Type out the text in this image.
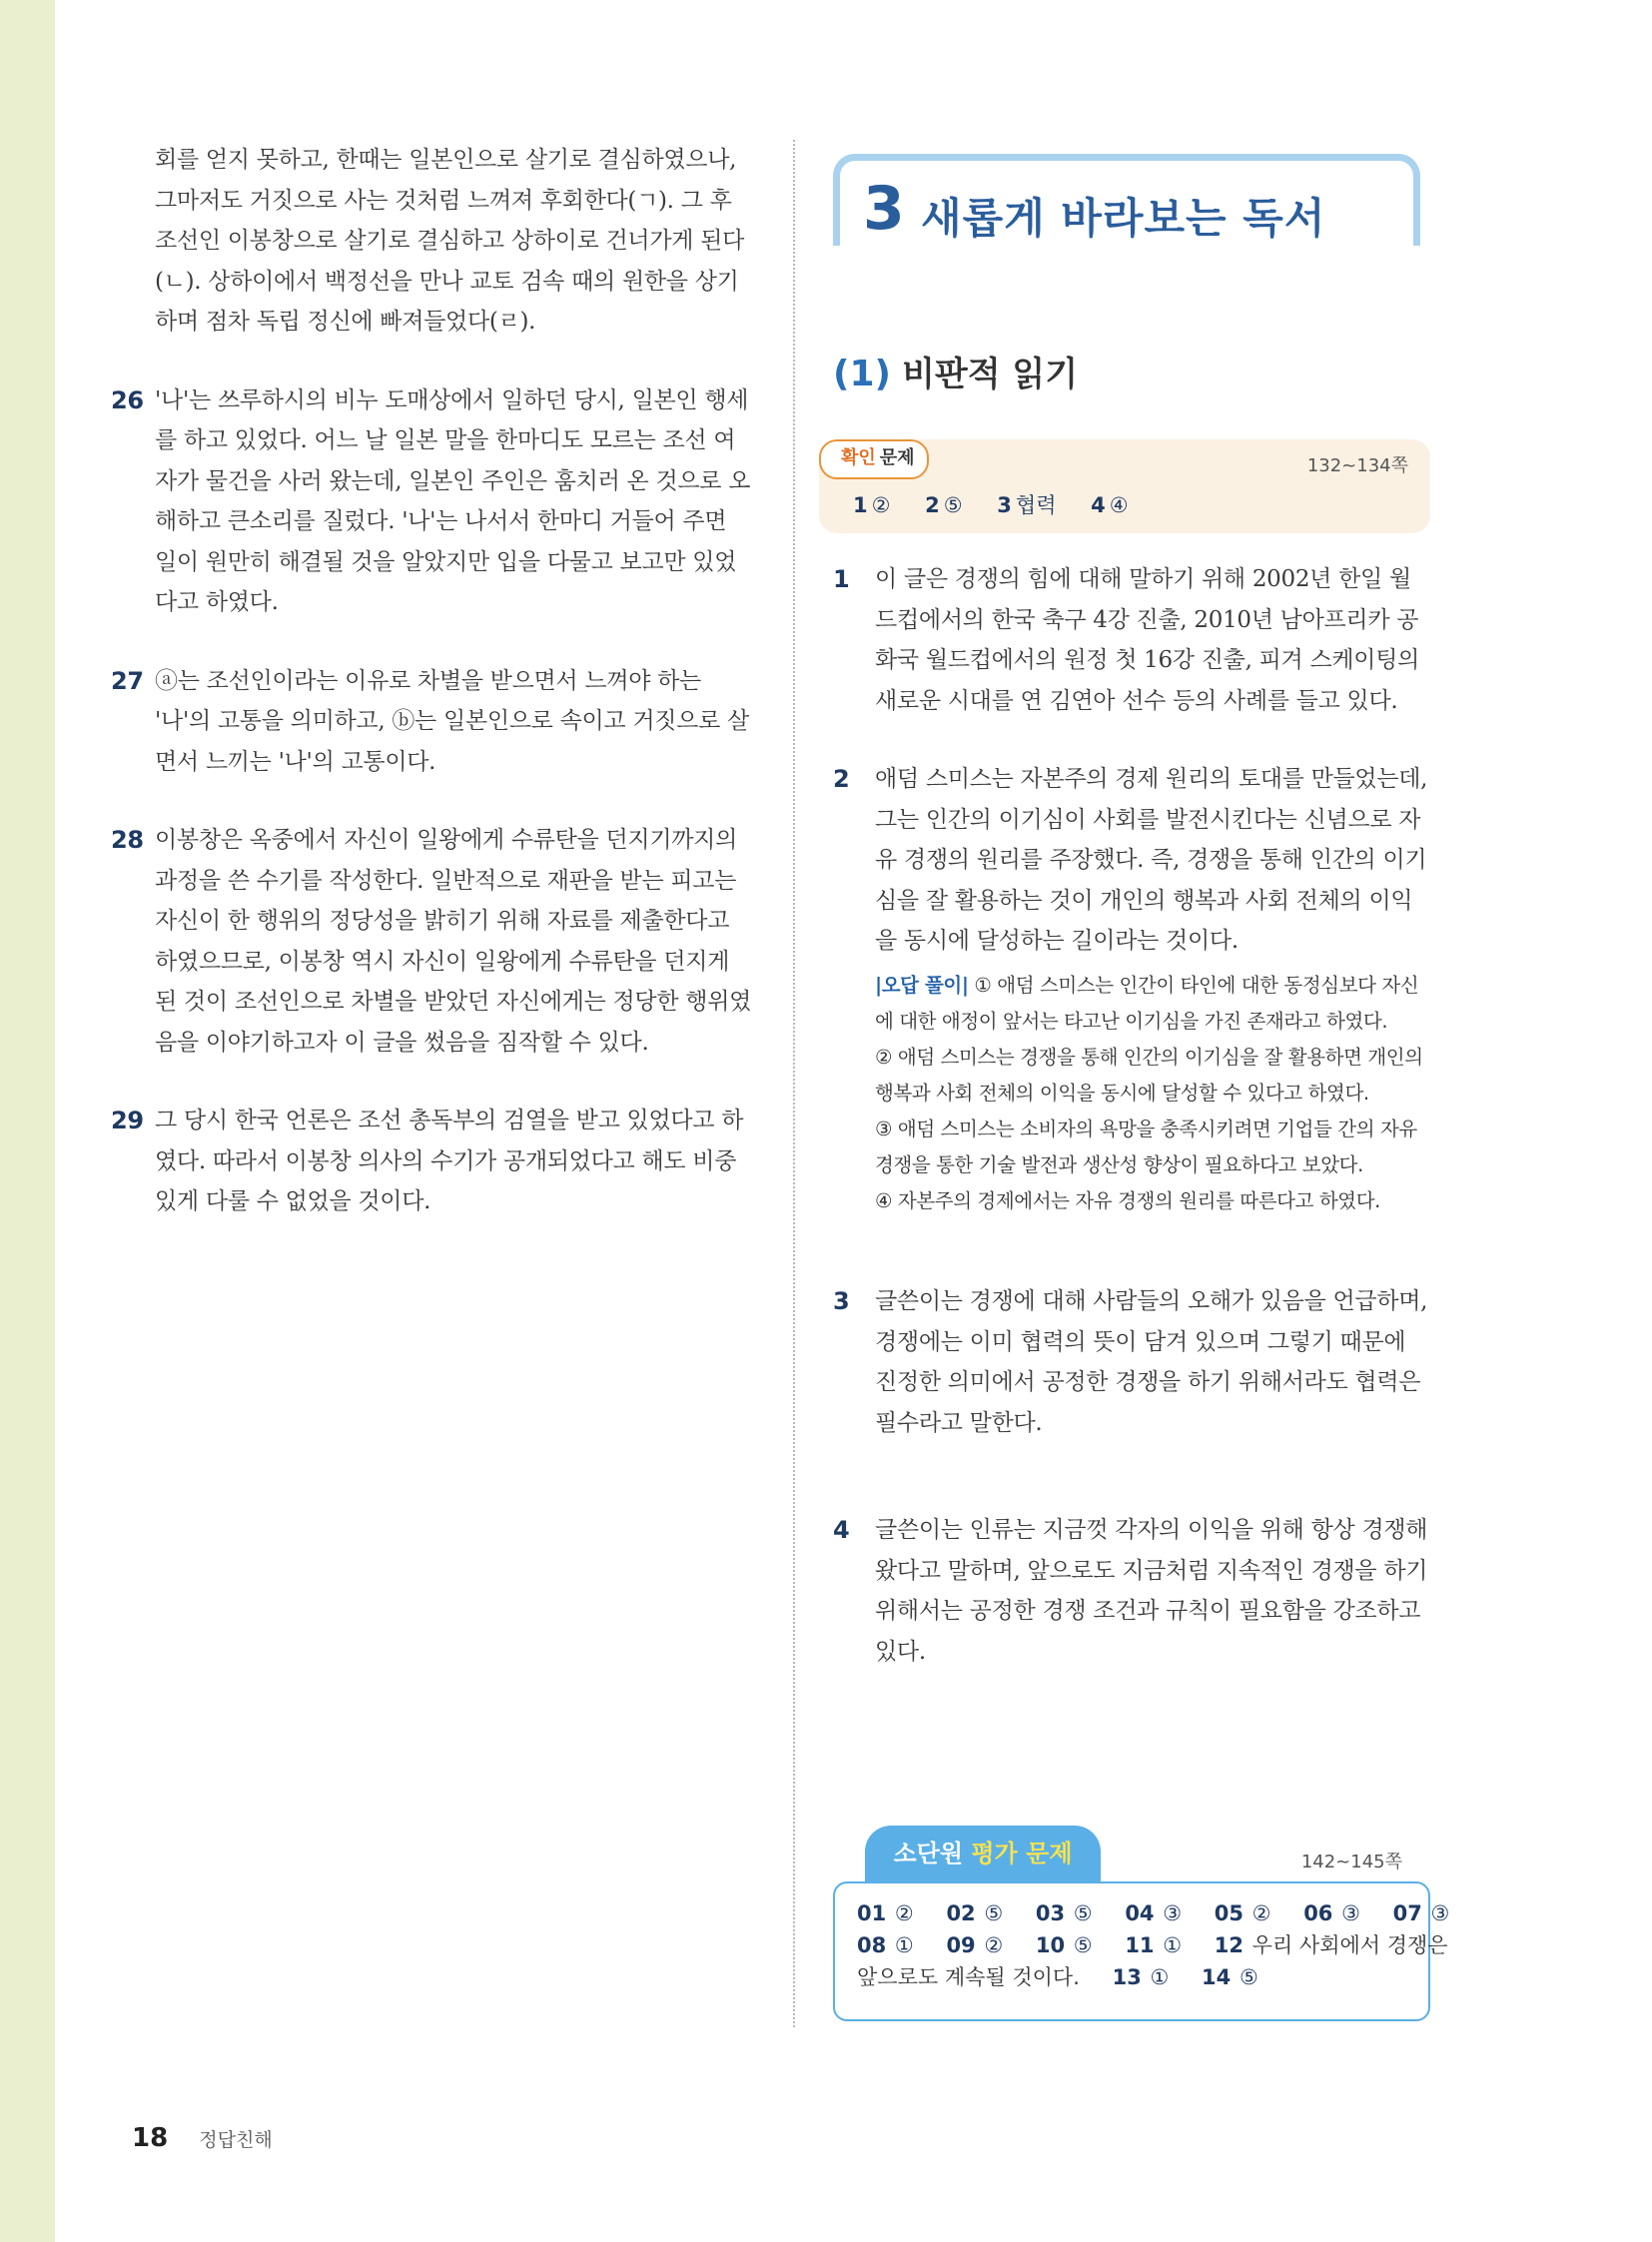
회를 얻지 못하고, 한때는 일본인으로 살기로 결심하였으나, 그마저도 거짓으로 사는 것처럼 느껴져 후회한다(ㄱ). 그 후 조선인 이봉창으로 살기로 결심하고 상하이로 건너가게 된다(ㄴ). 상하이에서 백정선을 만나 교토 검속 때의 원한을 상기하며 점차 독립 정신에 빠져들었다(ㄹ).
26 '나'는 쓰루하시의 비누 도매상에서 일하던 당시, 일본인 행세를 하고 있었다. 어느 날 일본 말을 한마디도 모르는 조선 여자가 물건을 사러 왔는데, 일본인 주인은 훔치러 온 것으로 오해하고 큰소리를 질렀다. '나'는 나서서 한마디 거들어 주면 일이 원만히 해결될 것을 알았지만 입을 다물고 보고만 있었다고 하였다.
27 ⓐ는 조선인이라는 이유로 차별을 받으면서 느껴야 하는 '나'의 고통을 의미하고, ⓑ는 일본인으로 속이고 거짓으로 살면서 느끼는 '나'의 고통이다.
28 이봉창은 옥중에서 자신이 일왕에게 수류탄을 던지기까지의 과정을 쓴 수기를 작성한다. 일반적으로 재판을 받는 피고는 자신이 한 행위의 정당성을 밝히기 위해 자료를 제출한다고 하였으므로, 이봉창 역시 자신이 일왕에게 수류탄을 던지게 된 것이 조선인으로 차별을 받았던 자신에게는 정당한 행위였음을 이야기하고자 이 글을 썼음을 짐작할 수 있다.
29 그 당시 한국 언론은 조선 총독부의 검열을 받고 있었다고 하였다. 따라서 이봉창 의사의 수기가 공개되었다고 해도 비중 있게 다룰 수 없었을 것이다.
3 새롭게 바라보는 독서
(1) 비판적 읽기
확인 문제	132~134쪽
1 ② 2 ⑤ 3 협력 4 ④
1 이 글은 경쟁의 힘에 대해 말하기 위해 2002년 한일 월드컵에서의 한국 축구 4강 진출, 2010년 남아프리카 공화국 월드컵에서의 원정 첫 16강 진출, 피겨 스케이팅의 새로운 시대를 연 김연아 선수 등의 사례를 들고 있다.
2 애덤 스미스는 자본주의 경제 원리의 토대를 만들었는데, 그는 인간의 이기심이 사회를 발전시킨다는 신념으로 자유 경쟁의 원리를 주장했다. 즉, 경쟁을 통해 인간의 이기심을 잘 활용하는 것이 개인의 행복과 사회 전체의 이익을 동시에 달성하는 길이라는 것이다.
|오답 풀이| ① 애덤 스미스는 인간이 타인에 대한 동정심보다 자신에 대한 애정이 앞서는 타고난 이기심을 가진 존재라고 하였다.
② 애덤 스미스는 경쟁을 통해 인간의 이기심을 잘 활용하면 개인의 행복과 사회 전체의 이익을 동시에 달성할 수 있다고 하였다.
③ 애덤 스미스는 소비자의 욕망을 충족시키려면 기업들 간의 자유 경쟁을 통한 기술 발전과 생산성 향상이 필요하다고 보았다.
④ 자본주의 경제에서는 자유 경쟁의 원리를 따른다고 하였다.
3 글쓴이는 경쟁에 대해 사람들의 오해가 있음을 언급하며, 경쟁에는 이미 협력의 뜻이 담겨 있으며 그렇기 때문에 진정한 의미에서 공정한 경쟁을 하기 위해서라도 협력은 필수라고 말한다.
4 글쓴이는 인류는 지금껏 각자의 이익을 위해 항상 경쟁해 왔다고 말하며, 앞으로도 지금처럼 지속적인 경쟁을 하기 위해서는 공정한 경쟁 조건과 규칙이 필요함을 강조하고 있다.
소단원 평가 문제	142~145쪽
01 ② 02 ⑤ 03 ⑤ 04 ③ 05 ② 06 ③ 07 ③
08 ① 09 ② 10 ⑤ 11 ① 12 우리 사회에서 경쟁은
앞으로도 계속될 것이다. 13 ① 14 ⑤
18 정답친해
